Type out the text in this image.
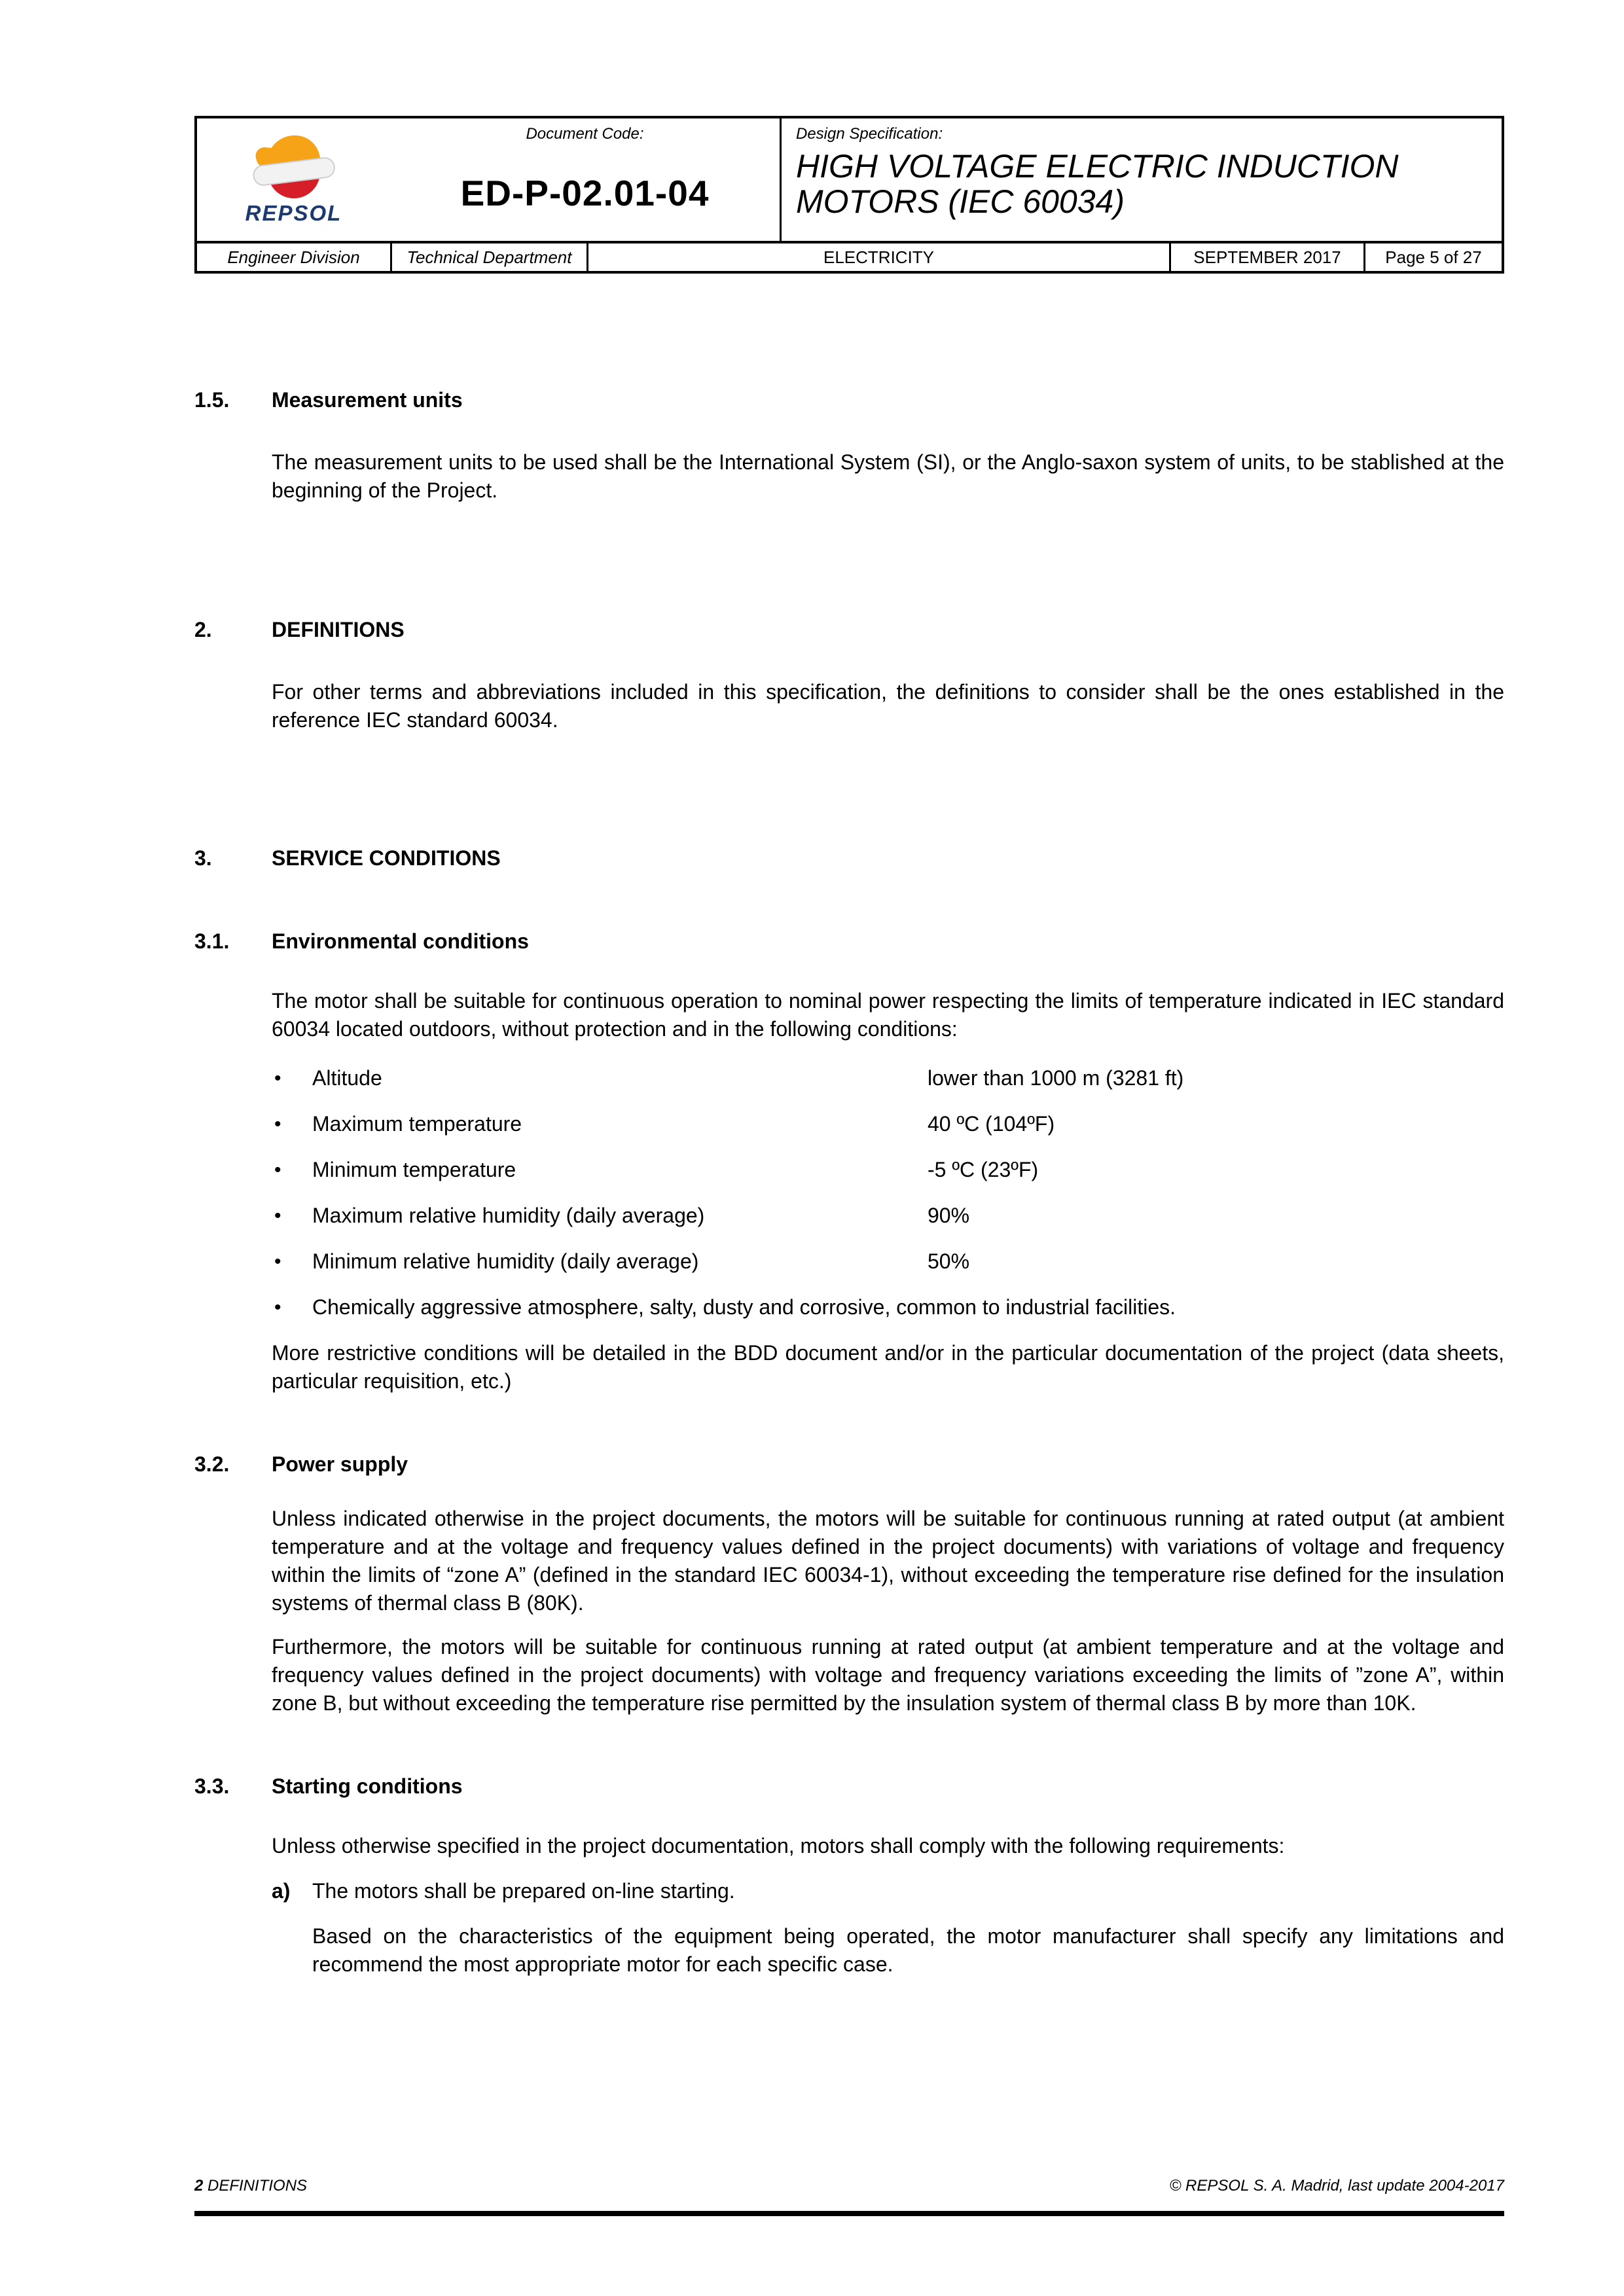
REPSOL
Document Code:
ED-P-02.01-04
Design Specification:
HIGH VOLTAGE ELECTRIC INDUCTION MOTORS (IEC 60034)
Engineer Division	Technical Department	ELECTRICITY	SEPTEMBER 2017	Page 5 of 27
1.5.	Measurement units
The measurement units to be used shall be the International System (SI), or the Anglo-saxon system of units, to be stablished at the beginning of the Project.
2.	DEFINITIONS
For other terms and abbreviations included in this specification, the definitions to consider shall be the ones established in the reference IEC standard 60034.
3.	SERVICE CONDITIONS
3.1.	Environmental conditions
The motor shall be suitable for continuous operation to nominal power respecting the limits of temperature indicated in IEC standard 60034 located outdoors, without protection and in the following conditions:
• Altitude	lower than 1000 m (3281 ft)
• Maximum temperature	40 ºC (104ºF)
• Minimum temperature	-5 ºC (23ºF)
• Maximum relative humidity (daily average)	90%
• Minimum relative humidity (daily average)	50%
• Chemically aggressive atmosphere, salty, dusty and corrosive, common to industrial facilities.
More restrictive conditions will be detailed in the BDD document and/or in the particular documentation of the project (data sheets, particular requisition, etc.)
3.2.	Power supply
Unless indicated otherwise in the project documents, the motors will be suitable for continuous running at rated output (at ambient temperature and at the voltage and frequency values defined in the project documents) with variations of voltage and frequency within the limits of “zone A” (defined in the standard IEC 60034-1), without exceeding the temperature rise defined for the insulation systems of thermal class B (80K).
Furthermore, the motors will be suitable for continuous running at rated output (at ambient temperature and at the voltage and frequency values defined in the project documents) with voltage and frequency variations exceeding the limits of ”zone A”, within zone B, but without exceeding the temperature rise permitted by the insulation system of thermal class B by more than 10K.
3.3.	Starting conditions
Unless otherwise specified in the project documentation, motors shall comply with the following requirements:
a)	The motors shall be prepared on-line starting.
Based on the characteristics of the equipment being operated, the motor manufacturer shall specify any limitations and recommend the most appropriate motor for each specific case.
2 DEFINITIONS	© REPSOL S. A. Madrid, last update 2004-2017
